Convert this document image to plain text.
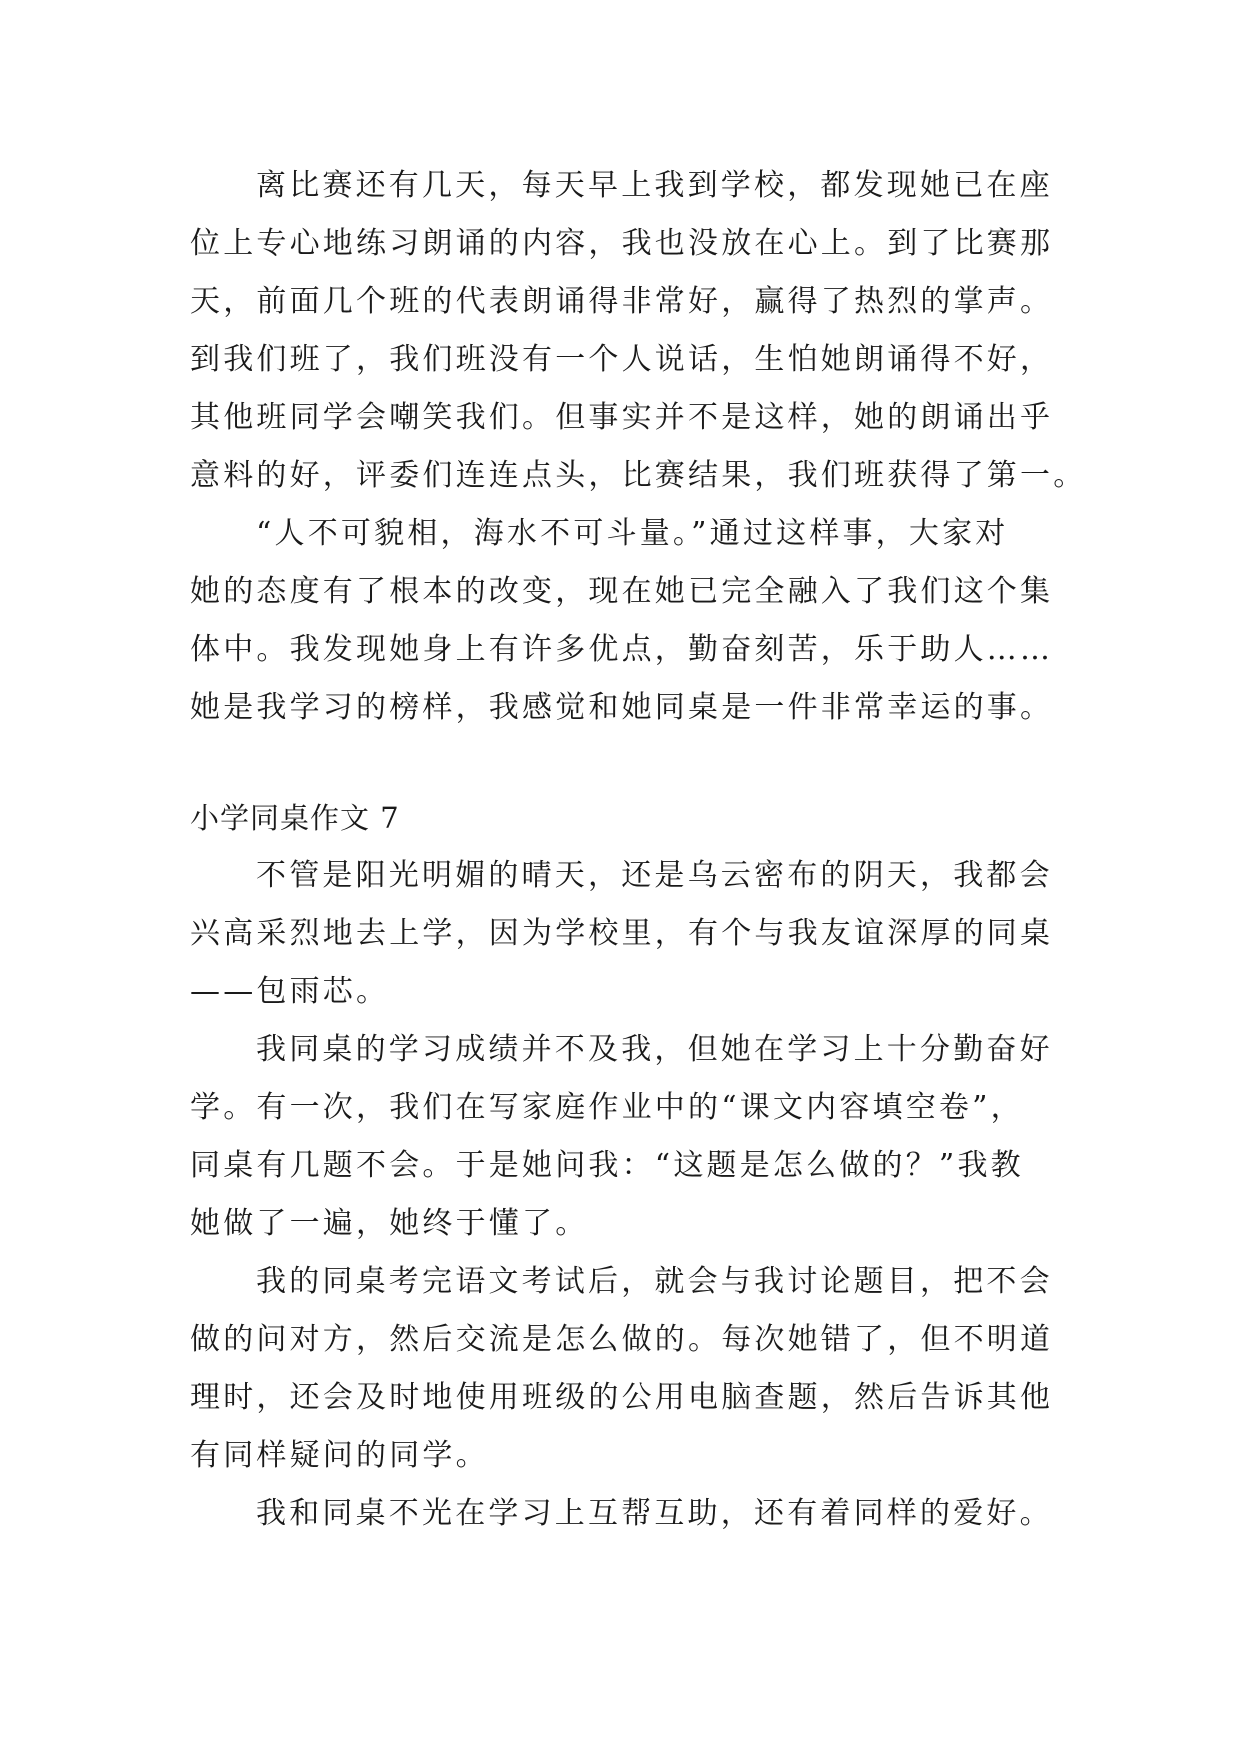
离比赛还有几天，每天早上我到学校，都发现她已在座
位上专心地练习朗诵的内容，我也没放在心上。到了比赛那
天，前面几个班的代表朗诵得非常好，赢得了热烈的掌声。
到我们班了，我们班没有一个人说话，生怕她朗诵得不好，
其他班同学会嘲笑我们。但事实并不是这样，她的朗诵出乎
意料的好，评委们连连点头，比赛结果，我们班获得了第一。
“人不可貌相，海水不可斗量。”通过这样事，大家对
她的态度有了根本的改变，现在她已完全融入了我们这个集
体中。我发现她身上有许多优点，勤奋刻苦，乐于助人……
她是我学习的榜样，我感觉和她同桌是一件非常幸运的事。
小学同桌作文 7
不管是阳光明媚的晴天，还是乌云密布的阴天，我都会
兴高采烈地去上学，因为学校里，有个与我友谊深厚的同桌
——包雨芯。
我同桌的学习成绩并不及我，但她在学习上十分勤奋好
学。有一次，我们在写家庭作业中的“课文内容填空卷”，
同桌有几题不会。于是她问我：“这题是怎么做的？”我教
她做了一遍，她终于懂了。
我的同桌考完语文考试后，就会与我讨论题目，把不会
做的问对方，然后交流是怎么做的。每次她错了，但不明道
理时，还会及时地使用班级的公用电脑查题，然后告诉其他
有同样疑问的同学。
我和同桌不光在学习上互帮互助，还有着同样的爱好。
